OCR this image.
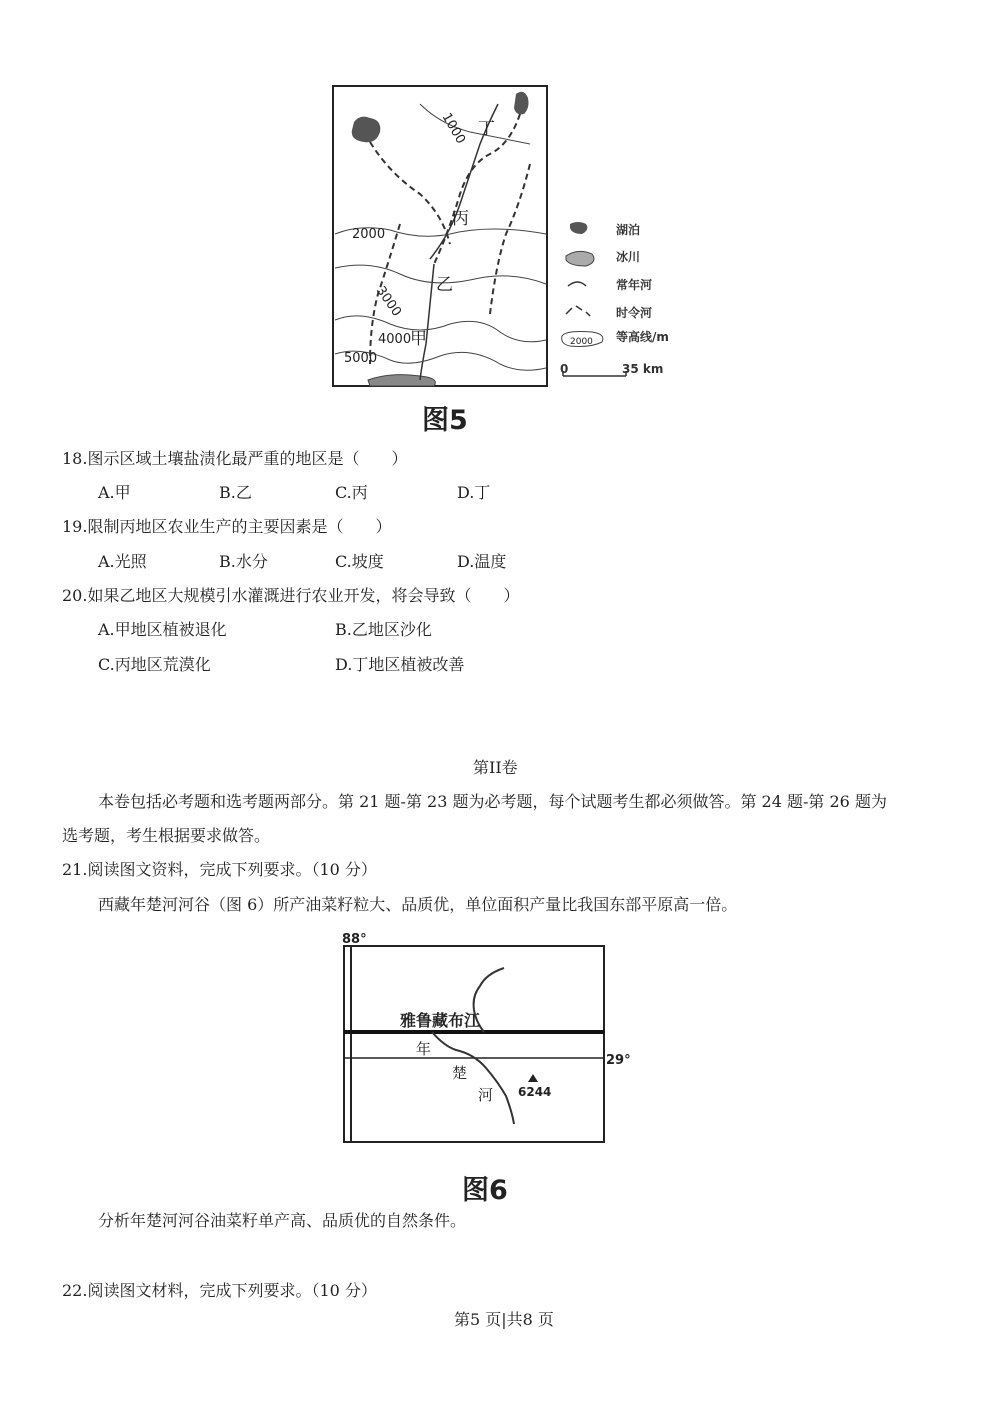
1000
2000
3000
4000
5000
丁
丙
乙
甲
湖泊
冰川
常年河
时令河
2000 等高线/m
0	35 km
图5
18.图示区域土壤盐渍化最严重的地区是（　　）
A.甲	B.乙	C.丙	D.丁
19.限制丙地区农业生产的主要因素是（　　）
A.光照	B.水分	C.坡度	D.温度
20.如果乙地区大规模引水灌溉进行农业开发，将会导致（　　）
A.甲地区植被退化	B.乙地区沙化
C.丙地区荒漠化	D.丁地区植被改善
第II卷
本卷包括必考题和选考题两部分。第 21 题-第 23 题为必考题，每个试题考生都必须做答。第 24 题-第 26 题为
选考题，考生根据要求做答。
21.阅读图文资料，完成下列要求。（10 分）
西藏年楚河河谷（图 6）所产油菜籽粒大、品质优，单位面积产量比我国东部平原高一倍。
88°
29°
雅鲁藏布江
年
楚
河 6244
图6
分析年楚河河谷油菜籽单产高、品质优的自然条件。
22.阅读图文材料，完成下列要求。（10 分）
第5 页|共8 页
